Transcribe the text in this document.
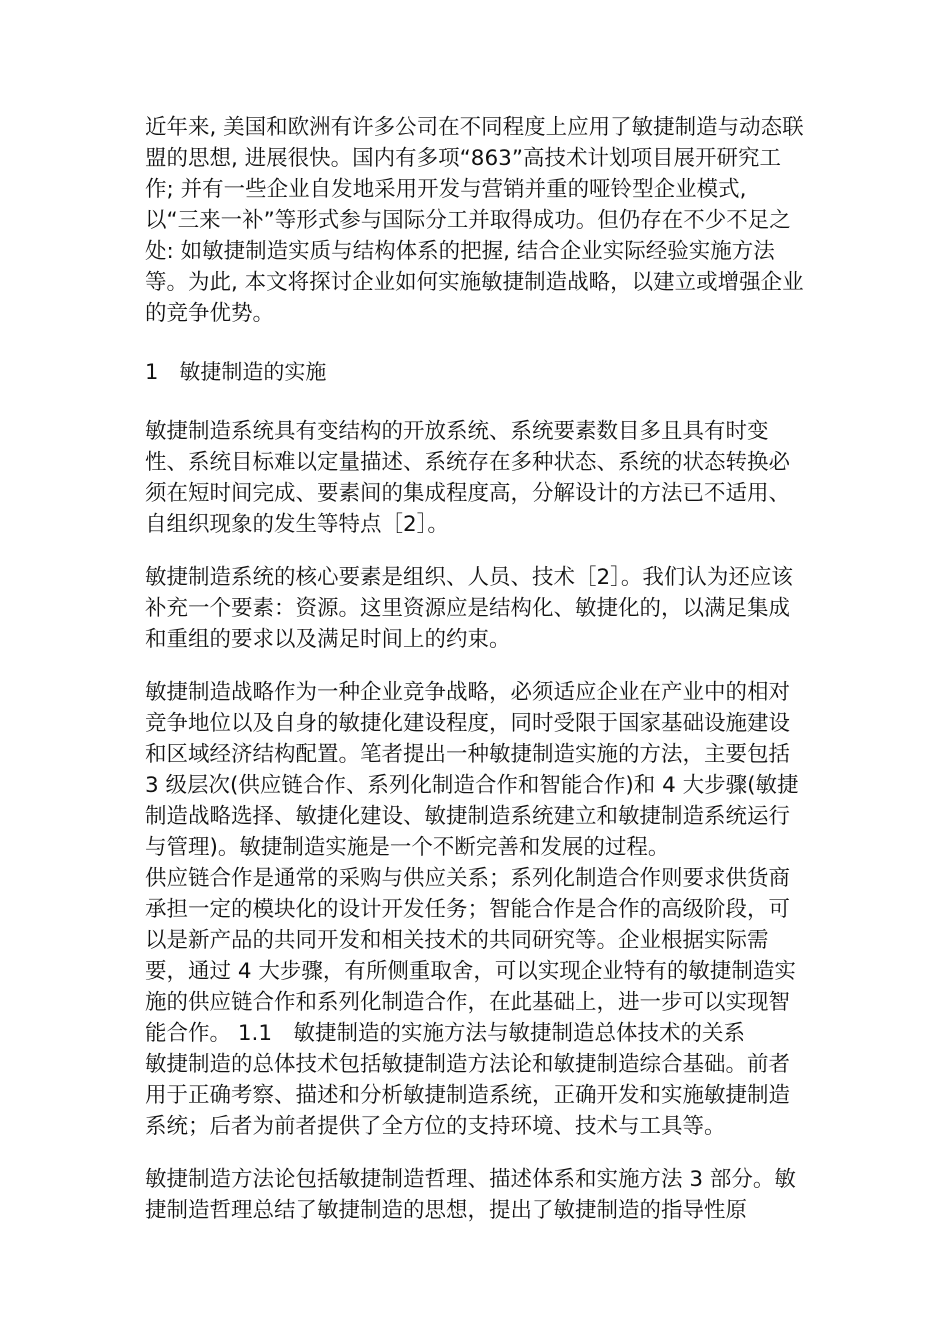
近年来, 美国和欧洲有许多公司在不同程度上应用了敏捷制造与动态联盟的思想, 进展很快。国内有多项“863”高技术计划项目展开研究工作; 并有一些企业自发地采用开发与营销并重的哑铃型企业模式, 以“三来一补”等形式参与国际分工并取得成功。但仍存在不少不足之处: 如敏捷制造实质与结构体系的把握, 结合企业实际经验实施方法等。为此, 本文将探讨企业如何实施敏捷制造战略，以建立或增强企业的竞争优势。

1　敏捷制造的实施

敏捷制造系统具有变结构的开放系统、系统要素数目多且具有时变性、系统目标难以定量描述、系统存在多种状态、系统的状态转换必须在短时间完成、要素间的集成程度高，分解设计的方法已不适用、自组织现象的发生等特点［2］。

敏捷制造系统的核心要素是组织、人员、技术［2］。我们认为还应该补充一个要素：资源。这里资源应是结构化、敏捷化的，以满足集成和重组的要求以及满足时间上的约束。

敏捷制造战略作为一种企业竞争战略，必须适应企业在产业中的相对竞争地位以及自身的敏捷化建设程度，同时受限于国家基础设施建设和区域经济结构配置。笔者提出一种敏捷制造实施的方法，主要包括 3 级层次(供应链合作、系列化制造合作和智能合作)和 4 大步骤(敏捷制造战略选择、敏捷化建设、敏捷制造系统建立和敏捷制造系统运行与管理)。敏捷制造实施是一个不断完善和发展的过程。

供应链合作是通常的采购与供应关系；系列化制造合作则要求供货商承担一定的模块化的设计开发任务；智能合作是合作的高级阶段，可以是新产品的共同开发和相关技术的共同研究等。企业根据实际需要，通过 4 大步骤，有所侧重取舍，可以实现企业特有的敏捷制造实施的供应链合作和系列化制造合作，在此基础上，进一步可以实现智能合作。 1.1　敏捷制造的实施方法与敏捷制造总体技术的关系　　敏捷制造的总体技术包括敏捷制造方法论和敏捷制造综合基础。前者用于正确考察、描述和分析敏捷制造系统，正确开发和实施敏捷制造系统；后者为前者提供了全方位的支持环境、技术与工具等。

敏捷制造方法论包括敏捷制造哲理、描述体系和实施方法 3 部分。敏捷制造哲理总结了敏捷制造的思想，提出了敏捷制造的指导性原
